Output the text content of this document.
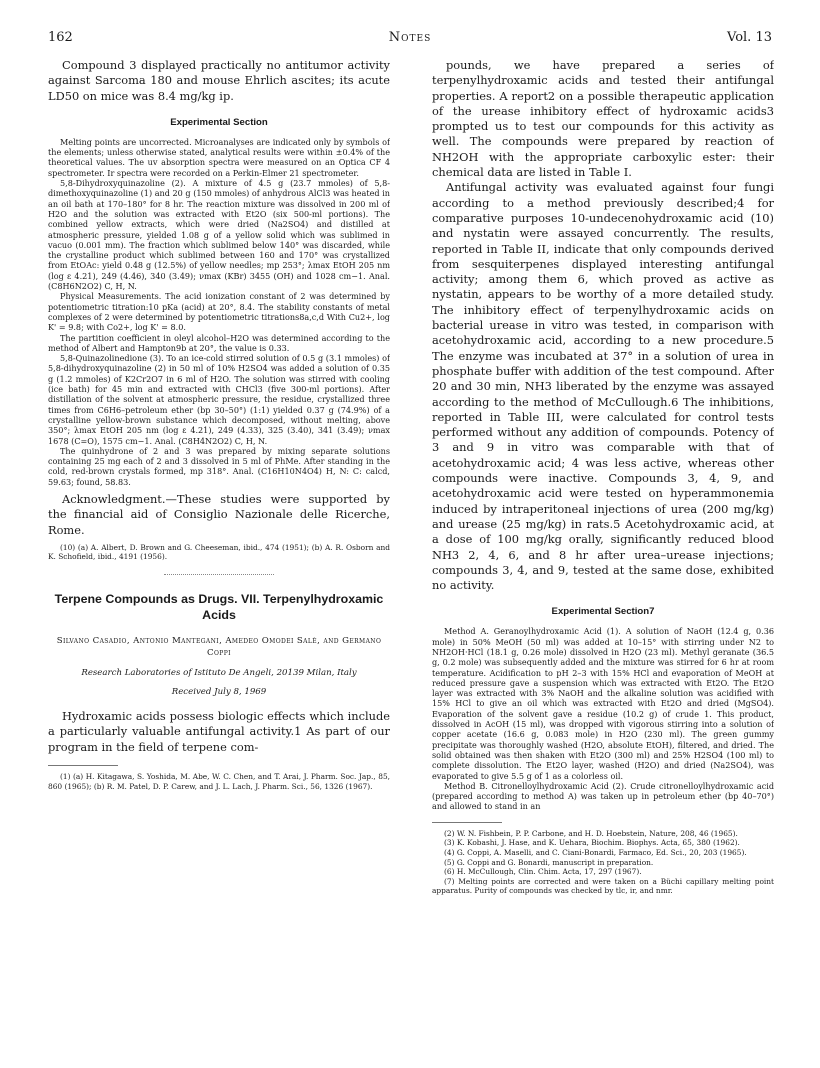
162	Notes	Vol. 13

Compound 3 displayed practically no antitumor activity against Sarcoma 180 and mouse Ehrlich ascites; its acute LD50 on mice was 8.4 mg/kg ip.

Experimental Section

Melting points are uncorrected. Microanalyses are indicated only by symbols of the elements; unless otherwise stated, analytical results were within ±0.4% of the theoretical values. The uv absorption spectra were measured on an Optica CF 4 spectrometer. Ir spectra were recorded on a Perkin-Elmer 21 spectrometer.

5,8-Dihydroxyquinazoline (2). A mixture of 4.5 g (23.7 mmoles) of 5,8-dimethoxyquinazoline (1) and 20 g (150 mmoles) of anhydrous AlCl3 was heated in an oil bath at 170–180° for 8 hr. The reaction mixture was dissolved in 200 ml of H2O and the solution was extracted with Et2O (six 500-ml portions). The combined yellow extracts, which were dried (Na2SO4) and distilled at atmospheric pressure, yielded 1.08 g of a yellow solid which was sublimed in vacuo (0.001 mm). The fraction which sublimed below 140° was discarded, while the crystalline product which sublimed between 160 and 170° was crystallized from EtOAc: yield 0.48 g (12.5%) of yellow needles; mp 253°; λmax EtOH 205 nm (log ε 4.21), 249 (4.46), 340 (3.49); νmax (KBr) 3455 (OH) and 1028 cm−1. Anal. (C8H6N2O2) C, H, N.

Physical Measurements. The acid ionization constant of 2 was determined by potentiometric titration:10 pKa (acid) at 20°, 8.4. The stability constants of metal complexes of 2 were determined by potentiometric titrations8a,c,d With Cu2+, log K' = 9.8; with Co2+, log K' = 8.0.

The partition coefficient in oleyl alcohol–H2O was determined according to the method of Albert and Hampton9b at 20°, the value is 0.33.

5,8-Quinazolinedione (3). To an ice-cold stirred solution of 0.5 g (3.1 mmoles) of 5,8-dihydroxyquinazoline (2) in 50 ml of 10% H2SO4 was added a solution of 0.35 g (1.2 mmoles) of K2Cr2O7 in 6 ml of H2O. The solution was stirred with cooling (ice bath) for 45 min and extracted with CHCl3 (five 300-ml portions). After distillation of the solvent at atmospheric pressure, the residue, crystallized three times from C6H6–petroleum ether (bp 30–50°) (1:1) yielded 0.37 g (74.9%) of a crystalline yellow-brown substance which decomposed, without melting, above 350°; λmax EtOH 205 nm (log ε 4.21), 249 (4.33), 325 (3.40), 341 (3.49); νmax 1678 (C=O), 1575 cm−1. Anal. (C8H4N2O2) C, H, N.

The quinhydrone of 2 and 3 was prepared by mixing separate solutions containing 25 mg each of 2 and 3 dissolved in 5 ml of PhMe. After standing in the cold, red-brown crystals formed, mp 318°. Anal. (C16H10N4O4) H, N: C: calcd, 59.63; found, 58.83.

Acknowledgment.—These studies were supported by the financial aid of Consiglio Nazionale delle Ricerche, Rome.

(10) (a) A. Albert, D. Brown and G. Cheeseman, ibid., 474 (1951); (b) A. R. Osborn and K. Schofield, ibid., 4191 (1956).

Terpene Compounds as Drugs. VII. Terpenylhydroxamic Acids
Silvano Casadio, Antonio Mantegani, Amedeo Omodei Salè, and Germano Coppi
Research Laboratories of Istituto De Angeli, 20139 Milan, Italy
Received July 8, 1969

Hydroxamic acids possess biologic effects which include a particularly valuable antifungal activity.1 As part of our program in the field of terpene com-

(1) (a) H. Kitagawa, S. Yoshida, M. Abe, W. C. Chen, and T. Arai, J. Pharm. Soc. Jap., 85, 860 (1965); (b) R. M. Patel, D. P. Carew, and J. L. Lach, J. Pharm. Sci., 56, 1326 (1967).

pounds, we have prepared a series of terpenylhydroxamic acids and tested their antifungal properties. A report2 on a possible therapeutic application of the urease inhibitory effect of hydroxamic acids3 prompted us to test our compounds for this activity as well. The compounds were prepared by reaction of NH2OH with the appropriate carboxylic ester: their chemical data are listed in Table I.

Antifungal activity was evaluated against four fungi according to a method previously described;4 for comparative purposes 10-undecenohydroxamic acid (10) and nystatin were assayed concurrently. The results, reported in Table II, indicate that only compounds derived from sesquiterpenes displayed interesting antifungal activity; among them 6, which proved as active as nystatin, appears to be worthy of a more detailed study. The inhibitory effect of terpenylhydroxamic acids on bacterial urease in vitro was tested, in comparison with acetohydroxamic acid, according to a new procedure.5 The enzyme was incubated at 37° in a solution of urea in phosphate buffer with addition of the test compound. After 20 and 30 min, NH3 liberated by the enzyme was assayed according to the method of McCullough.6 The inhibitions, reported in Table III, were calculated for control tests performed without any addition of compounds. Potency of 3 and 9 in vitro was comparable with that of acetohydroxamic acid; 4 was less active, whereas other compounds were inactive. Compounds 3, 4, 9, and acetohydroxamic acid were tested on hyperammonemia induced by intraperitoneal injections of urea (200 mg/kg) and urease (25 mg/kg) in rats.5 Acetohydroxamic acid, at a dose of 100 mg/kg orally, significantly reduced blood NH3 2, 4, 6, and 8 hr after urea–urease injections; compounds 3, 4, and 9, tested at the same dose, exhibited no activity.

Experimental Section7

Method A. Geranoylhydroxamic Acid (1). A solution of NaOH (12.4 g, 0.36 mole) in 50% MeOH (50 ml) was added at 10–15° with stirring under N2 to NH2OH·HCl (18.1 g, 0.26 mole) dissolved in H2O (23 ml). Methyl geranate (36.5 g, 0.2 mole) was subsequently added and the mixture was stirred for 6 hr at room temperature. Acidification to pH 2–3 with 15% HCl and evaporation of MeOH at reduced pressure gave a suspension which was extracted with Et2O. The Et2O layer was extracted with 3% NaOH and the alkaline solution was acidified with 15% HCl to give an oil which was extracted with Et2O and dried (MgSO4). Evaporation of the solvent gave a residue (10.2 g) of crude 1. This product, dissolved in AcOH (15 ml), was dropped with vigorous stirring into a solution of copper acetate (16.6 g, 0.083 mole) in H2O (230 ml). The green gummy precipitate was thoroughly washed (H2O, absolute EtOH), filtered, and dried. The solid obtained was then shaken with Et2O (300 ml) and 25% H2SO4 (100 ml) to complete dissolution. The Et2O layer, washed (H2O) and dried (Na2SO4), was evaporated to give 5.5 g of 1 as a colorless oil.

Method B. Citronelloylhydroxamic Acid (2). Crude citronelloylhydroxamic acid (prepared according to method A) was taken up in petroleum ether (bp 40–70°) and allowed to stand in an

(2) W. N. Fishbein, P. P. Carbone, and H. D. Hoebstein, Nature, 208, 46 (1965).

(3) K. Kobashi, J. Hase, and K. Uehara, Biochim. Biophys. Acta, 65, 380 (1962).

(4) G. Coppi, A. Maselli, and C. Ciani-Bonardi, Farmaco, Ed. Sci., 20, 203 (1965).

(5) G. Coppi and G. Bonardi, manuscript in preparation.

(6) H. McCullough, Clin. Chim. Acta, 17, 297 (1967).

(7) Melting points are corrected and were taken on a Büchi capillary melting point apparatus. Purity of compounds was checked by tlc, ir, and nmr.
